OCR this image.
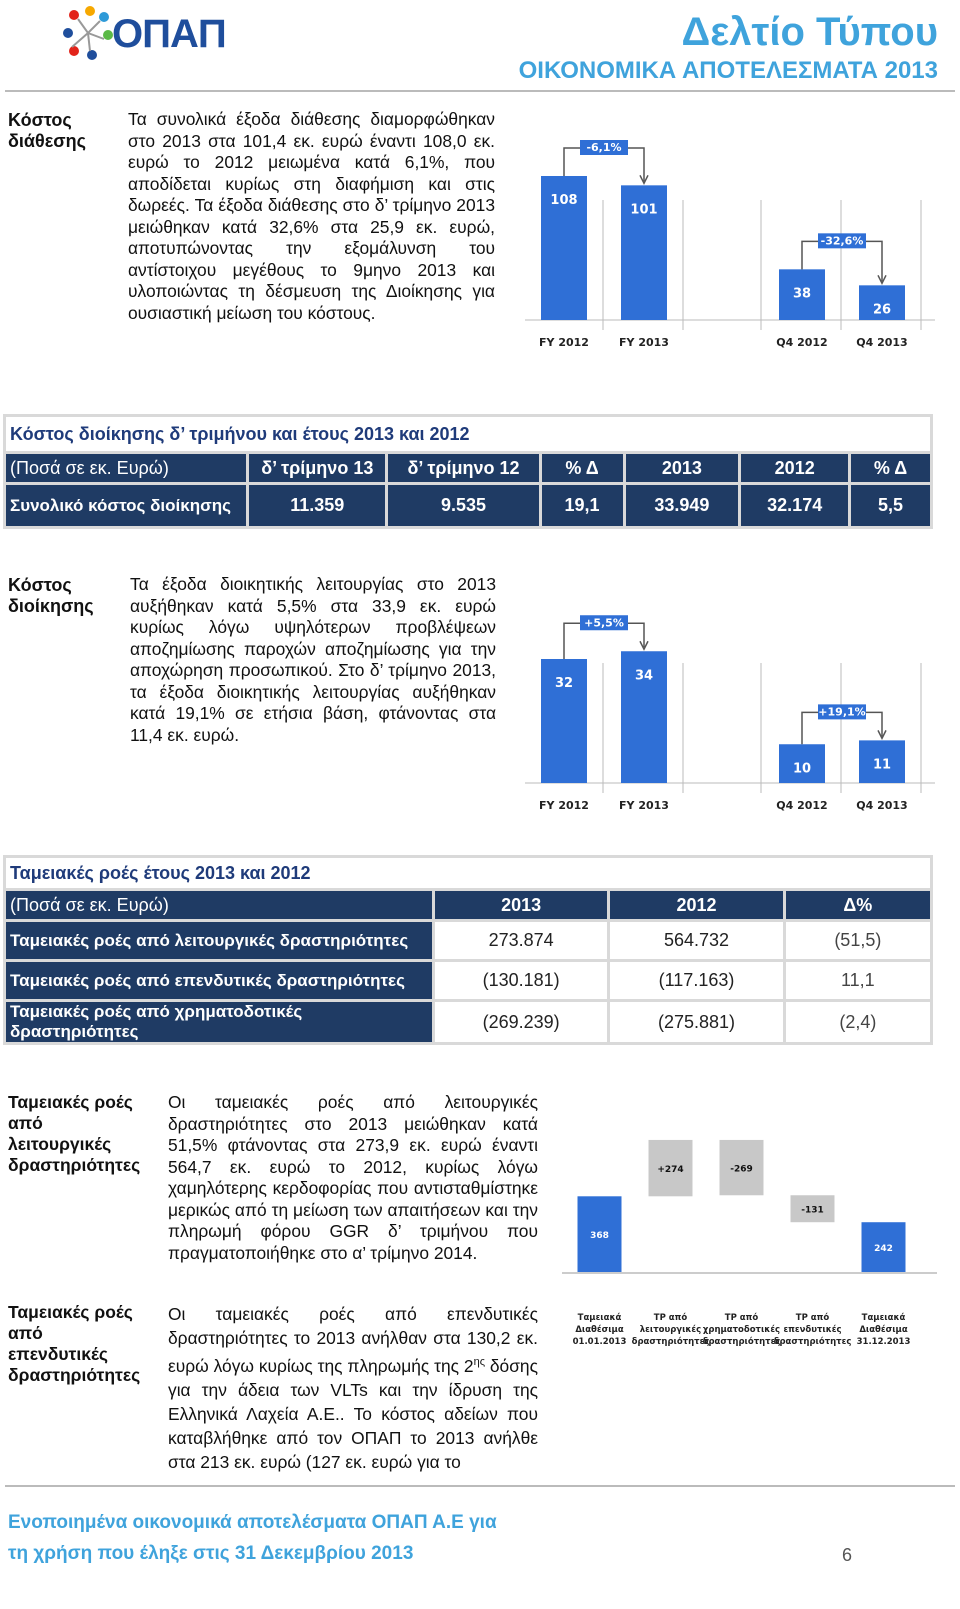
ΟΠΑΠ	Δελτίο Τύπου
ΟΙΚΟΝΟΜΙΚΑ ΑΠΟΤΕΛΕΣΜΑΤΑ 2013
Κόστος
διάθεσης
Τα συνολικά έξοδα διάθεσης διαμορφώθηκαν στο 2013 στα 101,4 εκ. ευρώ έναντι 108,0 εκ. ευρώ το 2012 μειωμένα κατά 6,1%, που αποδίδεται κυρίως στη διαφήμιση και στις δωρεές. Τα έξοδα διάθεσης στο δ’ τρίμηνο 2013 μειώθηκαν κατά 32,6% στα 25,9 εκ. ευρώ, αποτυπώνοντας την εξομάλυνση του αντίστοιχου μεγέθους το 9μηνο 2013 και υλοποιώντας τη δέσμευση της Διοίκησης για ουσιαστική μείωση του κόστους.
108
FY 2012
101
FY 2013
38
Q4 2012
26
Q4 2013
-6,1%
-32,6%
Κόστος διοίκησης δ’ τριμήνου και έτους 2013 και 2012						
(Ποσά σε εκ. Ευρώ)	δ’ τρίμηνο 13	δ’ τρίμηνο 12	% Δ	2013	2012	% Δ
Συνολικό κόστος διοίκησης	11.359	9.535	19,1	33.949	32.174	5,5
Κόστος
διοίκησης
Τα έξοδα διοικητικής λειτουργίας στο 2013 αυξήθηκαν κατά 5,5% στα 33,9 εκ. ευρώ κυρίως λόγω υψηλότερων προβλέψεων αποζημίωσης παροχών αποζημίωσης για την αποχώρηση προσωπικού. Στο δ’ τρίμηνο 2013, τα έξοδα διοικητικής λειτουργίας αυξήθηκαν κατά 19,1% σε ετήσια βάση, φτάνοντας στα 11,4 εκ. ευρώ.
32
FY 2012
34
FY 2013
10
Q4 2012
11
Q4 2013
+5,5%
+19,1%
Ταμειακές ροές έτους 2013 και 2012			
(Ποσά σε εκ. Ευρώ)	2013	2012	Δ%
Ταμειακές ροές από λειτουργικές δραστηριότητες	273.874	564.732	(51,5)
Ταμειακές ροές από επενδυτικές δραστηριότητες	(130.181)	(117.163)	11,1
Ταμειακές ροές από χρηματοδοτικές δραστηριότητες	(269.239)	(275.881)	(2,4)
Ταμειακές ροές
από
λειτουργικές
δραστηριότητες
Οι ταμειακές ροές από λειτουργικές δραστηριότητες στο 2013 μειώθηκαν κατά 51,5% φτάνοντας στα 273,9 εκ. ευρώ έναντι 564,7 εκ. ευρώ το 2012, κυρίως λόγω χαμηλότερης κερδοφορίας που αντισταθμίστηκε μερικώς από τη μείωση των απαιτήσεων και την πληρωμή φόρου GGR δ’ τριμήνου που πραγματοποιήθηκε στο α’ τρίμηνο 2014.
Ταμειακές ροές
από
επενδυτικές
δραστηριότητες
Οι ταμειακές ροές από επενδυτικές δραστηριότητες το 2013 ανήλθαν στα 130,2 εκ. ευρώ λόγω κυρίως της πληρωμής της $2^{\eta\varsigma}$ δόσης για την άδεια των VLTs και την ίδρυση της Ελληνικά Λαχεία Α.Ε.. Το κόστος αδείων που καταβλήθηκε από τον ΟΠΑΠ το 2013 ανήλθε στα 213 εκ. ευρώ (127 εκ. ευρώ για το
368
Ταμειακά
Διαθέσιμα
01.01.2013
+274
ΤΡ από
λειτουργικές
δραστηριότητες
-269
ΤΡ από
χρηματοδοτικές
δραστηριότητες
-131
ΤΡ από
επενδυτικές
δραστηριότητες
242
Ταμειακά
Διαθέσιμα
31.12.2013
Ενοποιημένα οικονομικά αποτελέσματα ΟΠΑΠ Α.Ε για
τη χρήση που έληξε στις 31 Δεκεμβρίου 2013	6
